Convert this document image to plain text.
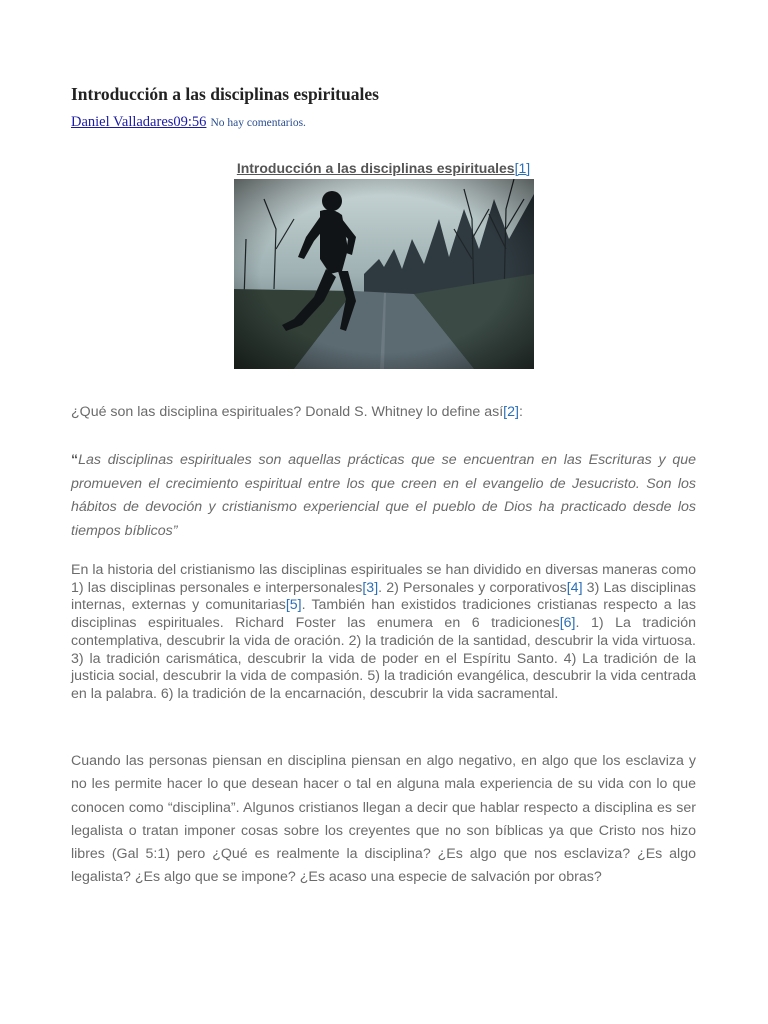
Introducción a las disciplinas espirituales
Daniel Valladares09:56 No hay comentarios.
Introducción a las disciplinas espirituales[1]

¿Qué son las disciplina espirituales? Donald S. Whitney lo define así[2]:

“Las disciplinas espirituales son aquellas prácticas que se encuentran en las Escrituras y que promueven el crecimiento espiritual entre los que creen en el evangelio de Jesucristo. Son los hábitos de devoción y cristianismo experiencial que el pueblo de Dios ha practicado desde los tiempos bíblicos”

En la historia del cristianismo las disciplinas espirituales se han dividido en diversas maneras como 1) las disciplinas personales e interpersonales[3]. 2) Personales y corporativos[4] 3) Las disciplinas internas, externas y comunitarias[5]. También han existidos tradiciones cristianas respecto a las disciplinas espirituales. Richard Foster las enumera en 6 tradiciones[6]. 1) La tradición contemplativa, descubrir la vida de oración. 2) la tradición de la santidad, descubrir la vida virtuosa. 3) la tradición carismática, descubrir la vida de poder en el Espíritu Santo. 4) La tradición de la justicia social, descubrir la vida de compasión. 5) la tradición evangélica, descubrir la vida centrada en la palabra. 6) la tradición de la encarnación, descubrir la vida sacramental.

Cuando las personas piensan en disciplina piensan en algo negativo, en algo que los esclaviza y no les permite hacer lo que desean hacer o tal en alguna mala experiencia de su vida con lo que conocen como “disciplina”. Algunos cristianos llegan a decir que hablar respecto a disciplina es ser legalista o tratan imponer cosas sobre los creyentes que no son bíblicas ya que Cristo nos hizo libres (Gal 5:1) pero ¿Qué es realmente la disciplina? ¿Es algo que nos esclaviza? ¿Es algo legalista? ¿Es algo que se impone? ¿Es acaso una especie de salvación por obras?
